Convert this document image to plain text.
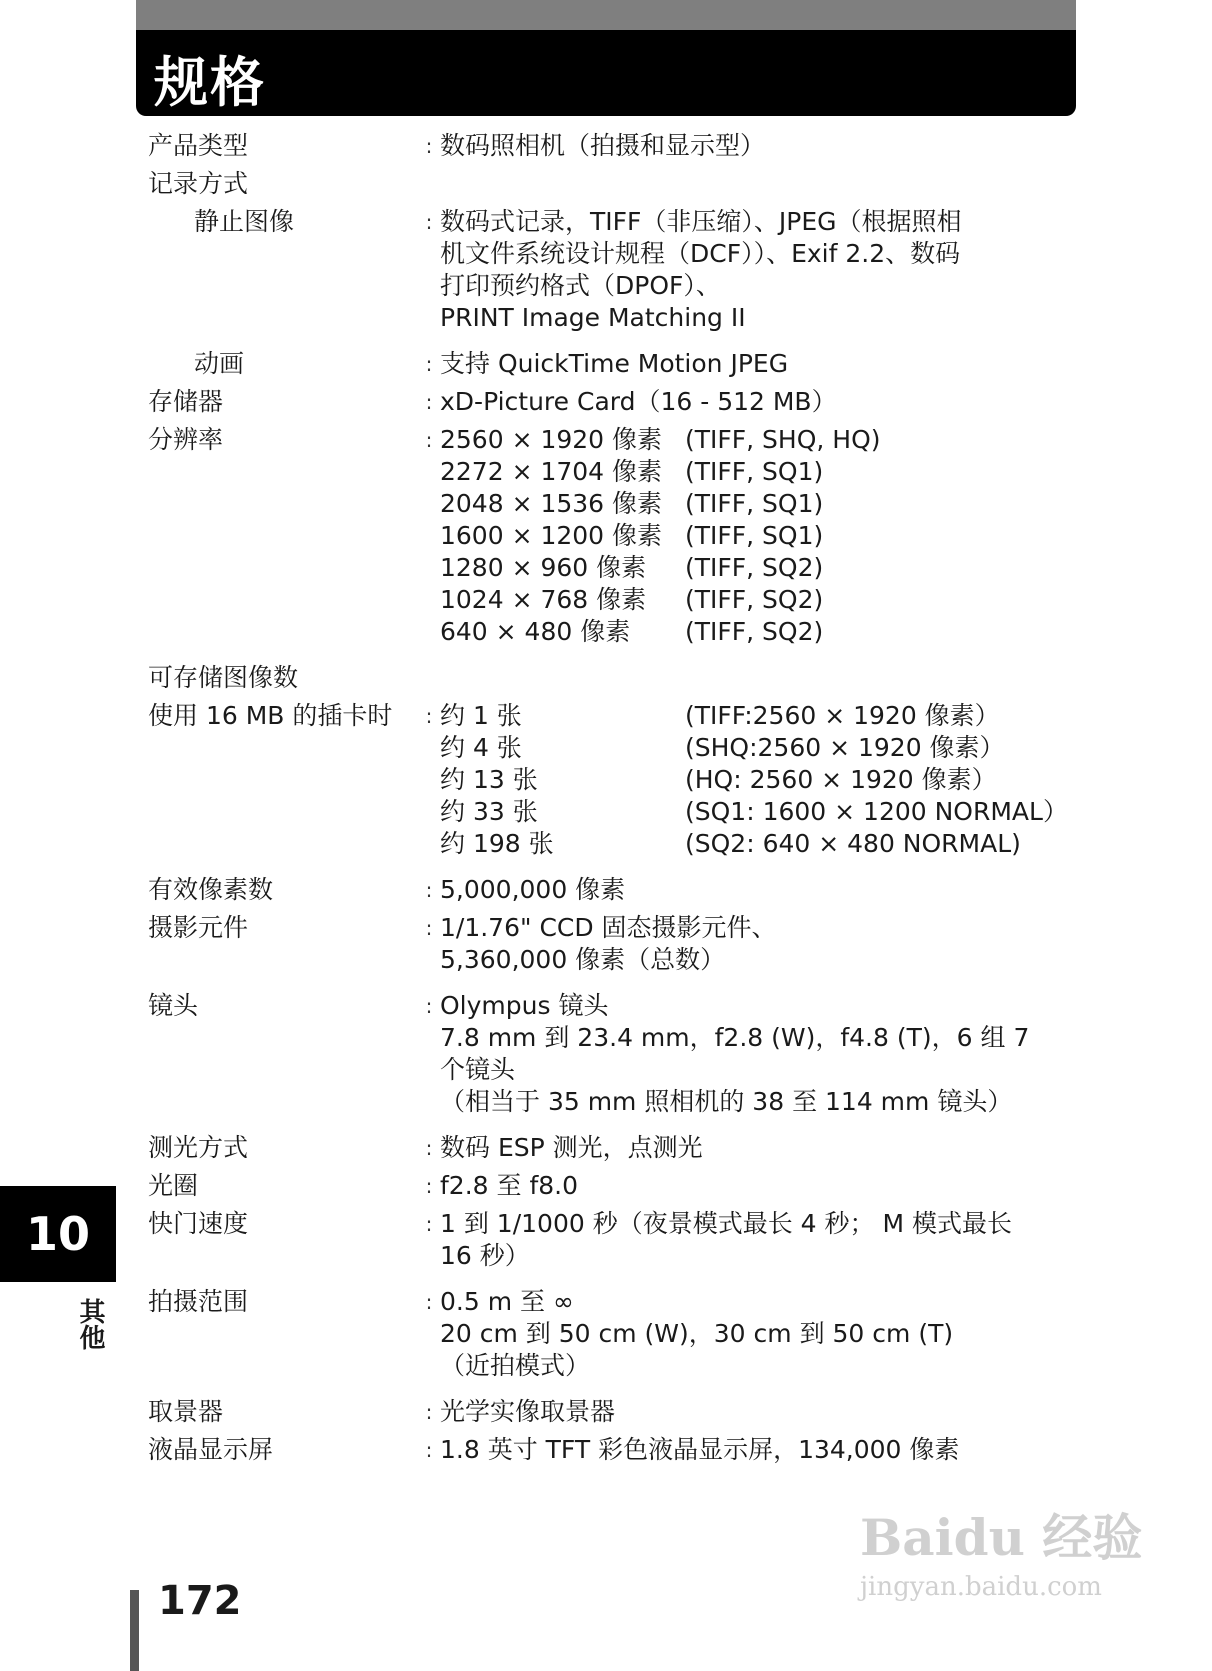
规格
产品类型	: 数码照相机（拍摄和显示型）
记录方式
静止图像	: 数码式记录，TIFF（非压缩）、JPEG（根据照相
机文件系统设计规程（DCF））、Exif 2.2、数码
打印预约格式（DPOF）、
PRINT Image Matching II
动画	: 支持 QuickTime Motion JPEG
存储器	: xD-Picture Card（16 - 512 MB）
分辨率	: 2560 × 1920 像素 (TIFF, SHQ, HQ)
2272 × 1704 像素 (TIFF, SQ1)
2048 × 1536 像素 (TIFF, SQ1)
1600 × 1200 像素 (TIFF, SQ1)
1280 × 960 像素	(TIFF, SQ2)
1024 × 768 像素	(TIFF, SQ2)
640 × 480 像素	(TIFF, SQ2)
可存储图像数
使用 16 MB 的插卡时	: 约 1 张	(TIFF:2560 × 1920 像素）
约 4 张	(SHQ:2560 × 1920 像素）
约 13 张	(HQ: 2560 × 1920 像素）
约 33 张	(SQ1: 1600 × 1200 NORMAL）
约 198 张	(SQ2: 640 × 480 NORMAL)
有效像素数	: 5,000,000 像素
摄影元件	: 1/1.76" CCD 固态摄影元件、
5,360,000 像素（总数）
镜头	: Olympus 镜头
7.8 mm 到 23.4 mm，f2.8 (W)，f4.8 (T)，6 组 7
个镜头
（相当于 35 mm 照相机的 38 至 114 mm 镜头）
测光方式	: 数码 ESP 测光，点测光
光圈	: f2.8 至 f8.0
快门速度	: 1 到 1/1000 秒（夜景模式最长 4 秒； M 模式最长
16 秒）
拍摄范围	: 0.5 m 至 ∞
20 cm 到 50 cm (W)，30 cm 到 50 cm (T)
（近拍模式）
取景器	: 光学实像取景器
液晶显示屏	: 1.8 英寸 TFT 彩色液晶显示屏，134,000 像素
10
其他
172
Baidu 经验
jingyan.baidu.com
